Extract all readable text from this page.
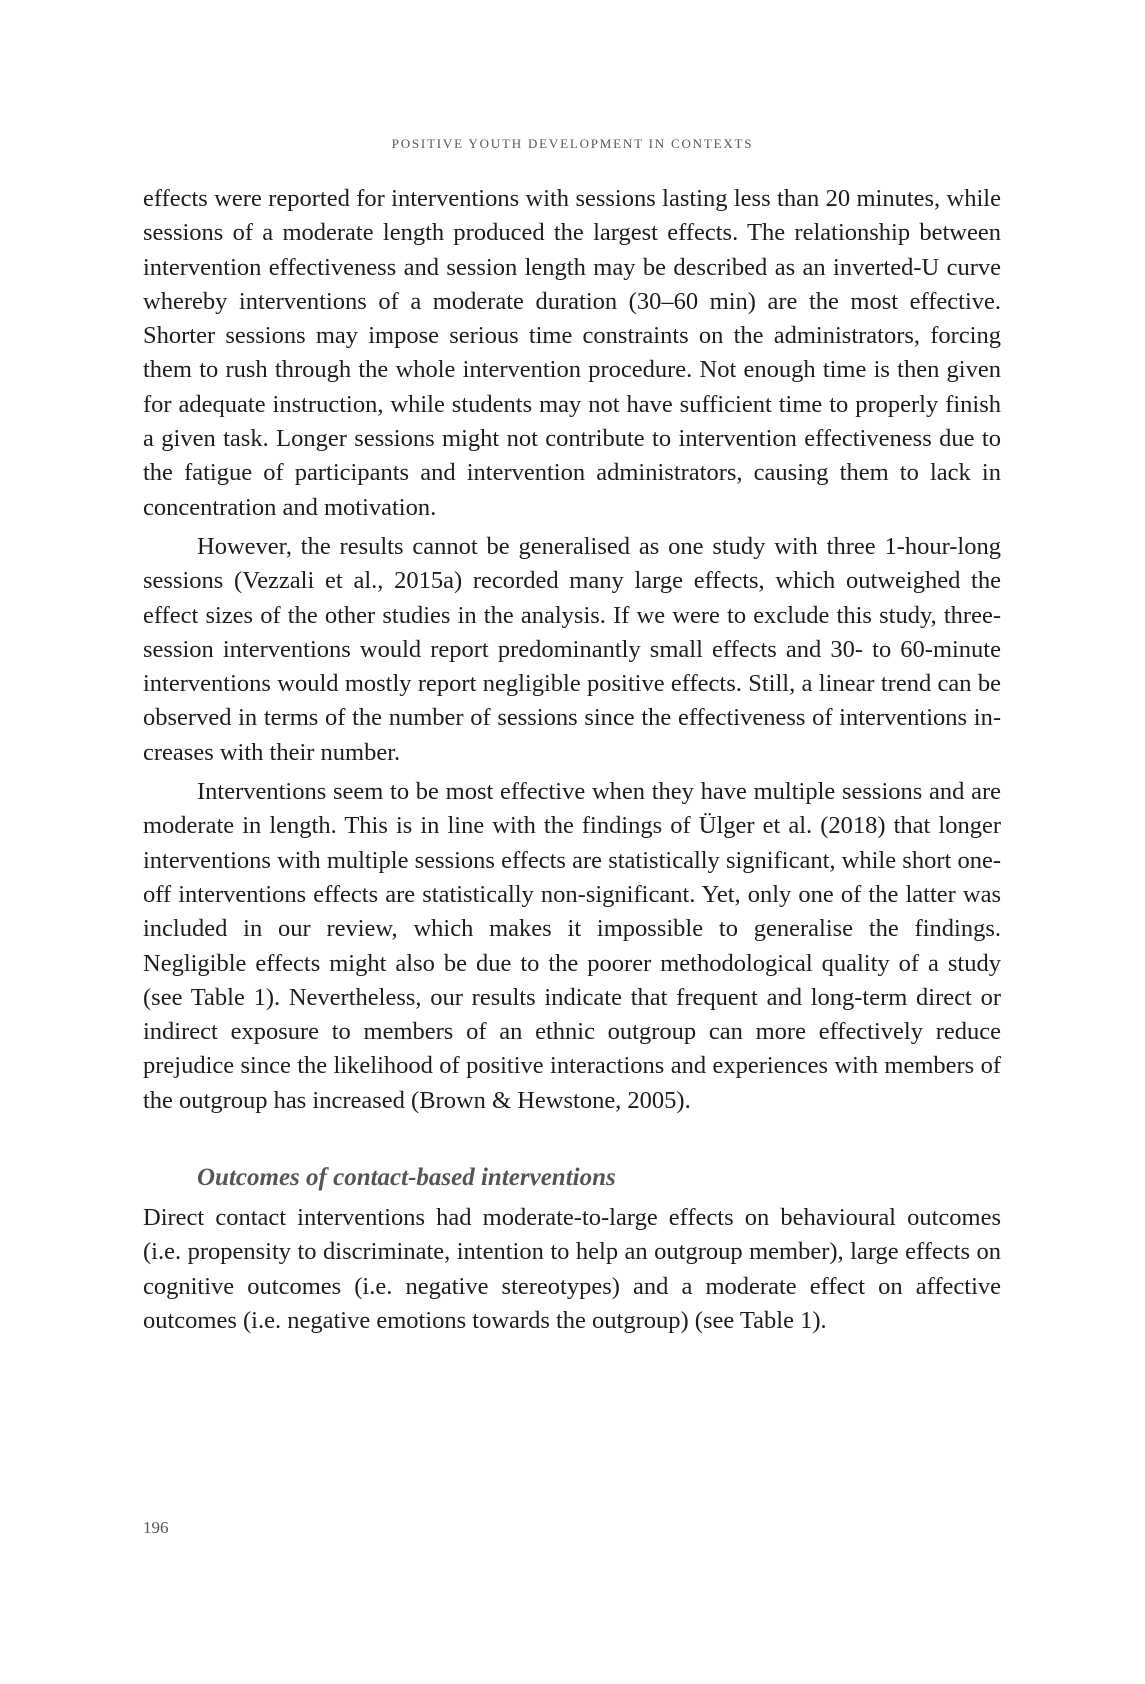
POSITIVE YOUTH DEVELOPMENT IN CONTEXTS

effects were reported for interventions with sessions lasting less than 20 minutes, while sessions of a moderate length produced the largest effects. The relationship between intervention effectiveness and session length may be described as an inverted-U curve whereby interventions of a moderate duration (30–60 min) are the most effective. Shorter sessions may impose serious time constraints on the administrators, forcing them to rush through the whole intervention procedure. Not enough time is then given for adequate instruction, while students may not have sufficient time to properly finish a given task. Longer sessions might not contribute to intervention effectiveness due to the fatigue of participants and intervention administrators, causing them to lack in concentration and motivation.

However, the results cannot be generalised as one study with three 1-hour-long sessions (Vezzali et al., 2015a) recorded many large effects, which outweighed the effect sizes of the other studies in the analysis. If we were to exclude this study, three-session interventions would report predominantly small effects and 30- to 60-minute interventions would mostly report negligible positive effects. Still, a linear trend can be observed in terms of the number of sessions since the effectiveness of interventions increases with their number.

Interventions seem to be most effective when they have multiple sessions and are moderate in length. This is in line with the findings of Ülger et al. (2018) that longer interventions with multiple sessions effects are statistically significant, while short one-off interventions effects are statistically non-significant. Yet, only one of the latter was included in our review, which makes it impossible to generalise the findings. Negligible effects might also be due to the poorer methodological quality of a study (see Table 1). Nevertheless, our results indicate that frequent and long-term direct or indirect exposure to members of an ethnic outgroup can more effectively reduce prejudice since the likelihood of positive interactions and experiences with members of the outgroup has increased (Brown & Hewstone, 2005).

Outcomes of contact-based interventions

Direct contact interventions had moderate-to-large effects on behavioural outcomes (i.e. propensity to discriminate, intention to help an outgroup member), large effects on cognitive outcomes (i.e. negative stereotypes) and a moderate effect on affective outcomes (i.e. negative emotions towards the outgroup) (see Table 1).

196
